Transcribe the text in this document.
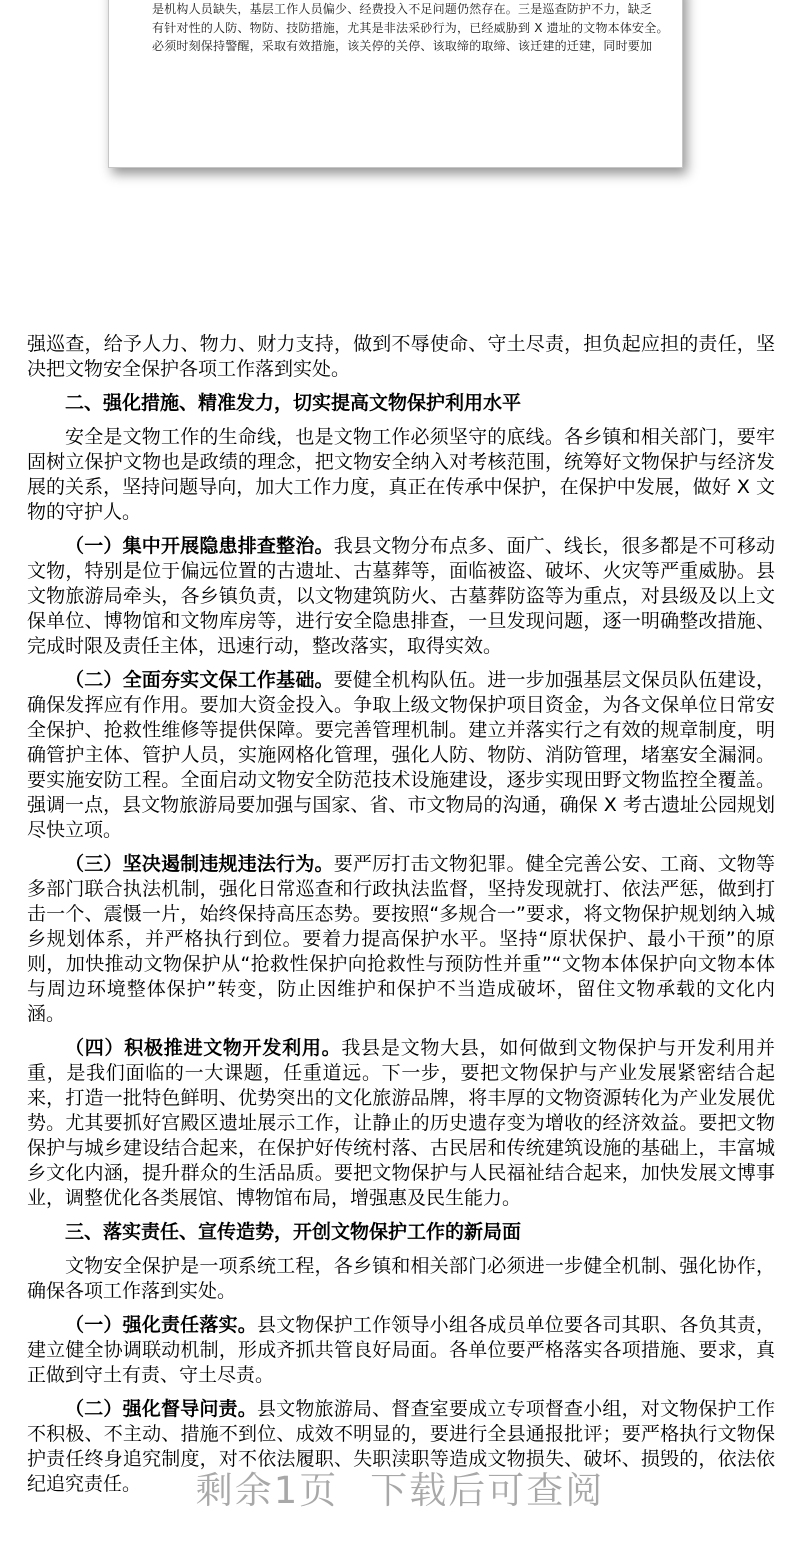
是机构人员缺失，基层工作人员偏少、经费投入不足问题仍然存在。三是巡查防护不力，缺乏
有针对性的人防、物防、技防措施，尤其是非法采砂行为，已经威胁到 X 遗址的文物本体安全。
必须时刻保持警醒，采取有效措施，该关停的关停、该取缔的取缔、该迁建的迁建，同时要加

强巡查，给予人力、物力、财力支持，做到不辱使命、守土尽责，担负起应担的责任，坚决把文物安全保护各项工作落到实处。

二、强化措施、精准发力，切实提高文物保护利用水平

安全是文物工作的生命线，也是文物工作必须坚守的底线。各乡镇和相关部门，要牢固树立保护文物也是政绩的理念，把文物安全纳入对考核范围，统筹好文物保护与经济发展的关系，坚持问题导向，加大工作力度，真正在传承中保护，在保护中发展，做好 X 文物的守护人。

（一）集中开展隐患排查整治。我县文物分布点多、面广、线长，很多都是不可移动文物，特别是位于偏远位置的古遗址、古墓葬等，面临被盗、破坏、火灾等严重威胁。县文物旅游局牵头，各乡镇负责，以文物建筑防火、古墓葬防盗等为重点，对县级及以上文保单位、博物馆和文物库房等，进行安全隐患排查，一旦发现问题，逐一明确整改措施、完成时限及责任主体，迅速行动，整改落实，取得实效。

（二）全面夯实文保工作基础。要健全机构队伍。进一步加强基层文保员队伍建设，确保发挥应有作用。要加大资金投入。争取上级文物保护项目资金，为各文保单位日常安全保护、抢救性维修等提供保障。要完善管理机制。建立并落实行之有效的规章制度，明确管护主体、管护人员，实施网格化管理，强化人防、物防、消防管理，堵塞安全漏洞。要实施安防工程。全面启动文物安全防范技术设施建设，逐步实现田野文物监控全覆盖。强调一点，县文物旅游局要加强与国家、省、市文物局的沟通，确保 X 考古遗址公园规划尽快立项。

（三）坚决遏制违规违法行为。要严厉打击文物犯罪。健全完善公安、工商、文物等多部门联合执法机制，强化日常巡查和行政执法监督，坚持发现就打、依法严惩，做到打击一个、震慑一片，始终保持高压态势。要按照“多规合一”要求，将文物保护规划纳入城乡规划体系，并严格执行到位。要着力提高保护水平。坚持“原状保护、最小干预”的原则，加快推动文物保护从“抢救性保护向抢救性与预防性并重”“文物本体保护向文物本体与周边环境整体保护”转变，防止因维护和保护不当造成破坏，留住文物承载的文化内涵。

（四）积极推进文物开发利用。我县是文物大县，如何做到文物保护与开发利用并重，是我们面临的一大课题，任重道远。下一步，要把文物保护与产业发展紧密结合起来，打造一批特色鲜明、优势突出的文化旅游品牌，将丰厚的文物资源转化为产业发展优势。尤其要抓好宫殿区遗址展示工作，让静止的历史遗存变为增收的经济效益。要把文物保护与城乡建设结合起来，在保护好传统村落、古民居和传统建筑设施的基础上，丰富城乡文化内涵，提升群众的生活品质。要把文物保护与人民福祉结合起来，加快发展文博事业，调整优化各类展馆、博物馆布局，增强惠及民生能力。

三、落实责任、宣传造势，开创文物保护工作的新局面

文物安全保护是一项系统工程，各乡镇和相关部门必须进一步健全机制、强化协作，确保各项工作落到实处。

（一）强化责任落实。县文物保护工作领导小组各成员单位要各司其职、各负其责，建立健全协调联动机制，形成齐抓共管良好局面。各单位要严格落实各项措施、要求，真正做到守土有责、守土尽责。

（二）强化督导问责。县文物旅游局、督查室要成立专项督查小组，对文物保护工作不积极、不主动、措施不到位、成效不明显的，要进行全县通报批评；要严格执行文物保护责任终身追究制度，对不依法履职、失职渎职等造成文物损失、破坏、损毁的，依法依纪追究责任。	剩余1页 下载后可查阅
